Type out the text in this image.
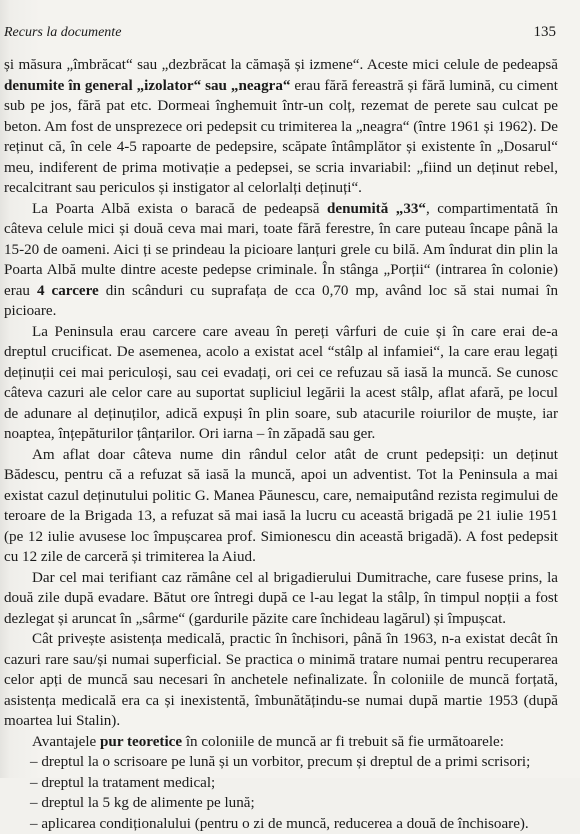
Recurs la documente	135

și măsura „îmbrăcat“ sau „dezbrăcat la cămașă și izmene“. Aceste mici celule de pedeapsă denumite în general „izolator“ sau „neagra“ erau fără fereastră și fără lumină, cu ciment sub pe jos, fără pat etc. Dormeai înghemuit într-un colț, rezemat de perete sau culcat pe beton. Am fost de unsprezece ori pedepsit cu trimiterea la „neagra“ (între 1961 și 1962). De reținut că, în cele 4-5 rapoarte de pedepsire, scăpate întâmplător și existente în „Dosarul“ meu, indiferent de prima motivație a pedepsei, se scria invariabil: „fiind un deținut rebel, recalcitrant sau periculos și instigator al celorlalți deținuți“.

La Poarta Albă exista o baracă de pedeapsă denumită „33“, compartimentată în câteva celule mici și două ceva mai mari, toate fără ferestre, în care puteau încape până la 15-20 de oameni. Aici ți se prindeau la picioare lanțuri grele cu bilă. Am îndurat din plin la Poarta Albă multe dintre aceste pedepse criminale. În stânga „Porții“ (intrarea în colonie) erau 4 carcere din scânduri cu suprafața de cca 0,70 mp, având loc să stai numai în picioare.

La Peninsula erau carcere care aveau în pereți vârfuri de cuie și în care erai de-a dreptul crucificat. De asemenea, acolo a existat acel “stâlp al infamiei“, la care erau legați deținuții cei mai periculoși, sau cei evadați, ori cei ce refuzau să iasă la muncă. Se cunosc câteva cazuri ale celor care au suportat supliciul legării la acest stâlp, aflat afară, pe locul de adunare al deținuților, adică expuși în plin soare, sub atacurile roiurilor de muște, iar noaptea, înțepăturilor țânțarilor. Ori iarna – în zăpadă sau ger.

Am aflat doar câteva nume din rândul celor atât de crunt pedepsiți: un deținut Bădescu, pentru că a refuzat să iasă la muncă, apoi un adventist. Tot la Peninsula a mai existat cazul deținutului politic G. Manea Păunescu, care, nemaiputând rezista regimului de teroare de la Brigada 13, a refuzat să mai iasă la lucru cu această brigadă pe 21 iulie 1951 (pe 12 iulie avusese loc împușcarea prof. Simionescu din această brigadă). A fost pedepsit cu 12 zile de carceră și trimiterea la Aiud.

Dar cel mai terifiant caz rămâne cel al brigadierului Dumitrache, care fusese prins, la două zile după evadare. Bătut ore întregi după ce l-au legat la stâlp, în timpul nopții a fost dezlegat și aruncat în „sârme“ (gardurile păzite care închideau lagărul) și împușcat.

Cât privește asistența medicală, practic în închisori, până în 1963, n-a existat decât în cazuri rare sau/și numai superficial. Se practica o minimă tratare numai pentru recuperarea celor apți de muncă sau necesari în anchetele nefinalizate. În coloniile de muncă forțată, asistența medicală era ca și inexistentă, îmbunătățindu-se numai după martie 1953 (după moartea lui Stalin).

Avantajele pur teoretice în coloniile de muncă ar fi trebuit să fie următoarele:

– dreptul la o scrisoare pe lună și un vorbitor, precum și dreptul de a primi scrisori;
– dreptul la tratament medical;
– dreptul la 5 kg de alimente pe lună;
– aplicarea condiționalului (pentru o zi de muncă, reducerea a două de închisoare).
